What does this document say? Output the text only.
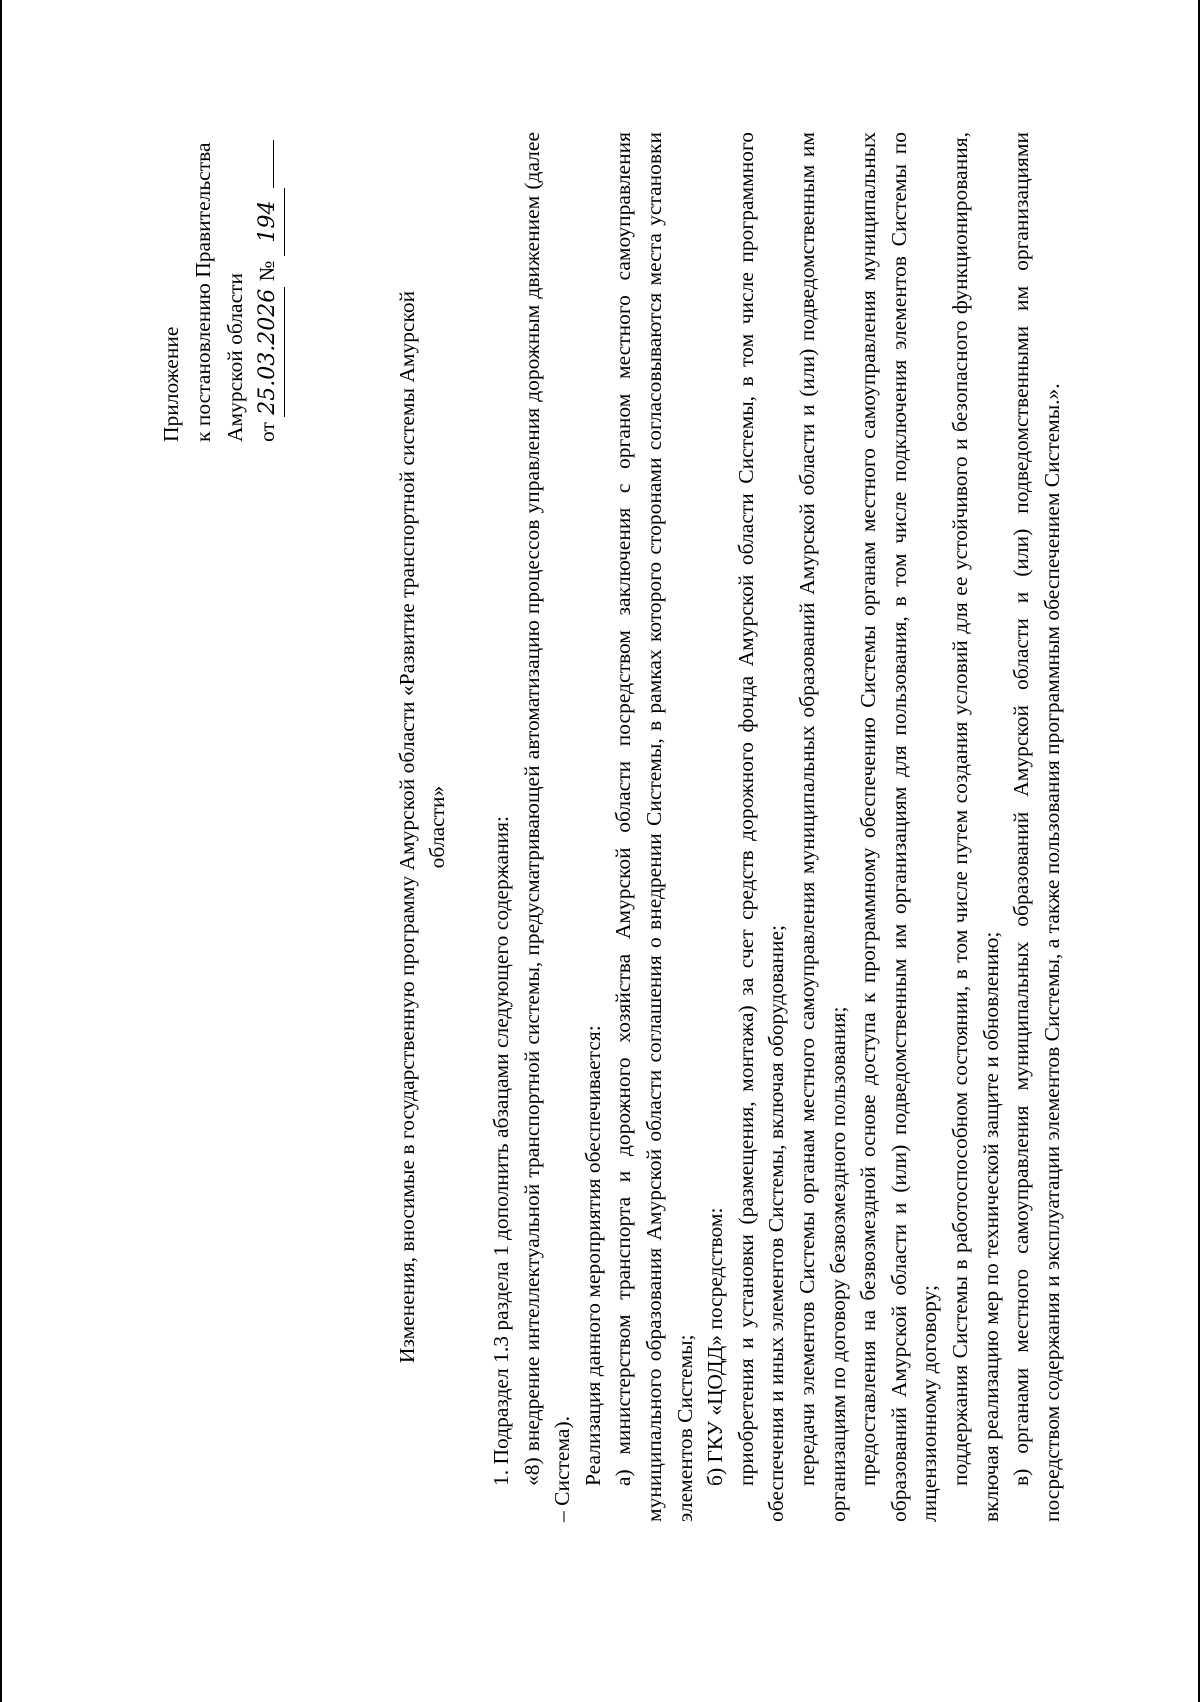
Приложение к постановлению Правительства Амурской области от 25.03.2026 № 194
Изменения, вносимые в государственную программу Амурской области «Развитие транспортной системы Амурской области» 1. Подраздел 1.3 раздела 1 дополнить абзацами следующего содержания: «8) внедрение интеллектуальной транспортной системы, предусматривающей автоматизацию процессов управления дорожным движением (далее – Система). Реализация данного мероприятия обеспечивается: а) министерством транспорта и дорожного хозяйства Амурской области посредством заключения с органом местного самоуправления муниципального образования Амурской области соглашения о внедрении Системы, в рамках которого сторонами согласовываются места установки элементов Системы; б) ГКУ «ЦОДД» посредством: приобретения и установки (размещения, монтажа) за счет средств дорожного фонда Амурской области Системы, в том числе программного обеспечения и иных элементов Системы, включая оборудование; передачи элементов Системы органам местного самоуправления муниципальных образований Амурской области и (или) подведомственным им организациям по договору безвозмездного пользования; предоставления на безвозмездной основе доступа к программному обеспечению Системы органам местного самоуправления муниципальных образований Амурской области и (или) подведомственным им организациям для пользования, в том числе подключения элементов Системы по лицензионному договору; поддержания Системы в работоспособном состоянии, в том числе путем создания условий для ее устойчивого и безопасного функционирования, включая реализацию мер по технической защите и обновлению; в) органами местного самоуправления муниципальных образований Амурской области и (или) подведомственными им организациями посредством содержания и эксплуатации элементов Системы, а также пользования программным обеспечением Системы.».
